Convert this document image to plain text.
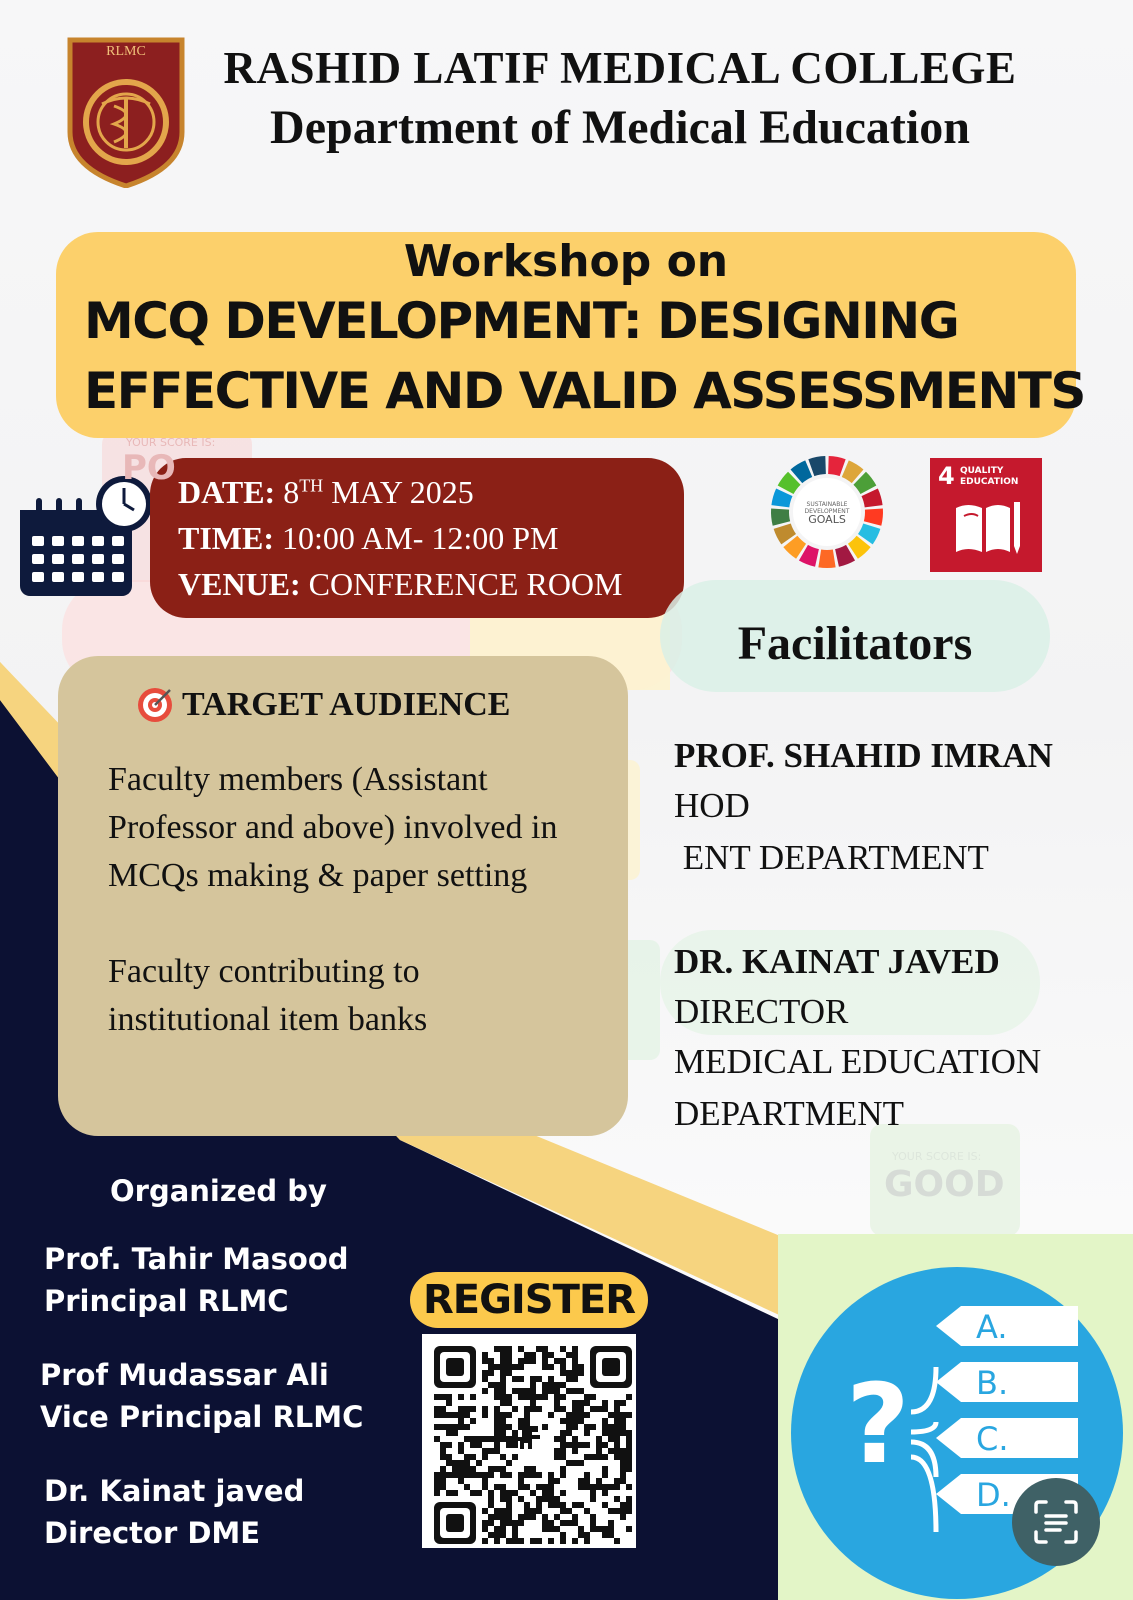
RLMC	RASHID LATIF MEDICAL COLLEGE
Department of Medical Education
Workshop on
MCQ DEVELOPMENT: DESIGNING
EFFECTIVE AND VALID ASSESSMENTS
DATE: 8TH MAY 2025
TIME: 10:00 AM- 12:00 PM
VENUE: CONFERENCE ROOM
SUSTAINABLE
DEVELOPMENT
GOALS
4 QUALITY
EDUCATION
YOUR SCORE IS:
PO
YOUR SCORE IS:
GOOD
Facilitators
PROF. SHAHID IMRAN
HOD
ENT DEPARTMENT
DR. KAINAT JAVED
DIRECTOR
MEDICAL EDUCATION
DEPARTMENT
TARGET AUDIENCE
Faculty members (Assistant
Professor and above) involved in
MCQs making & paper setting
Faculty contributing to
institutional item banks
Organized by
Prof. Tahir Masood
Principal RLMC
Prof Mudassar Ali
Vice Principal RLMC
Dr. Kainat javed
Director DME
REGISTER
?
A.
B.
C.
D.
